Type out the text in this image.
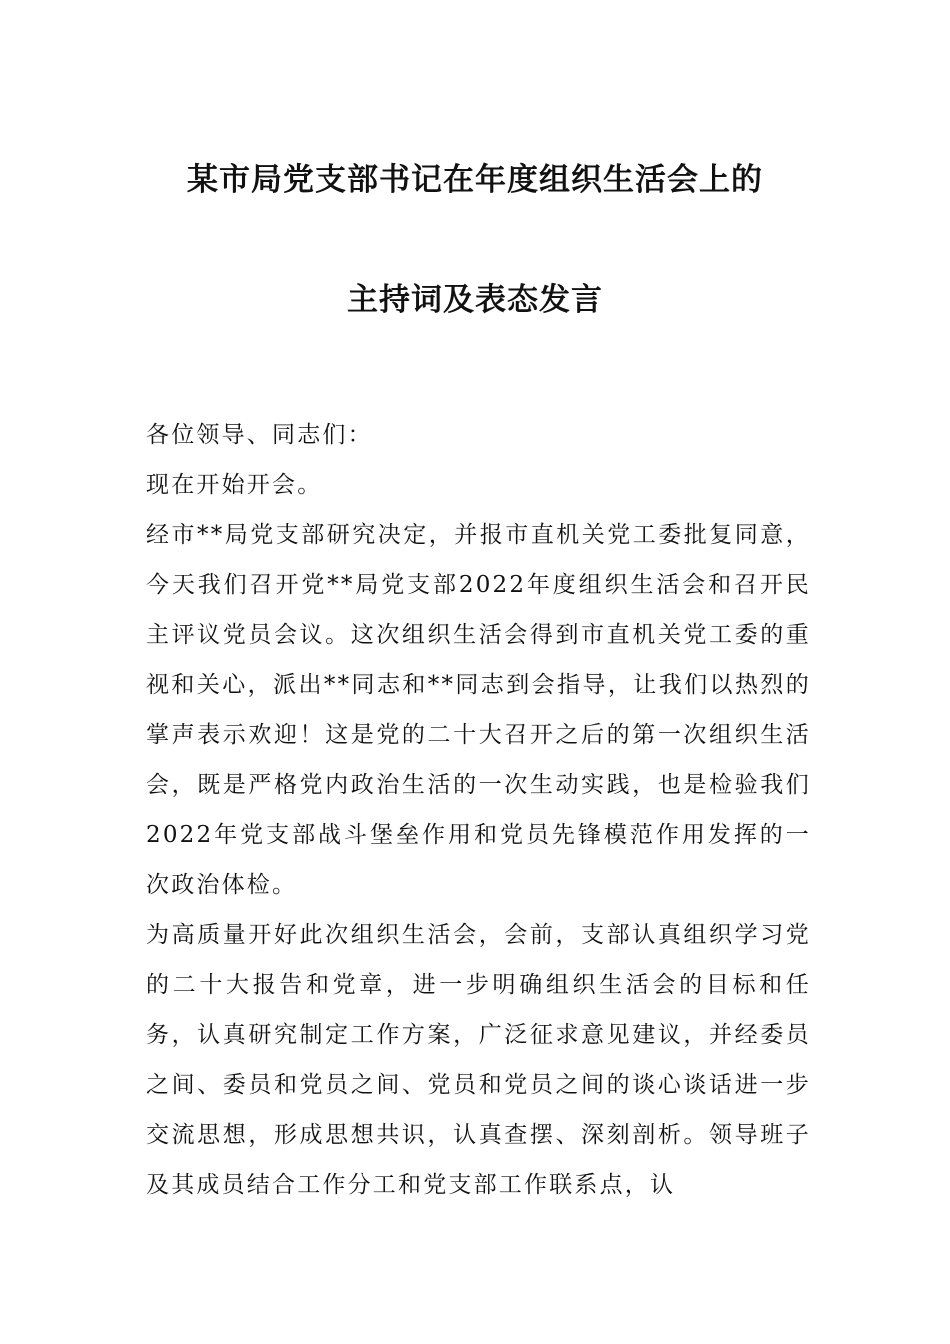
某市局党支部书记在年度组织生活会上的
主持词及表态发言

各位领导、同志们：

现在开始开会。

经市**局党支部研究决定，并报市直机关党工委批复同意，今天我们召开党**局党支部2022年度组织生活会和召开民主评议党员会议。这次组织生活会得到市直机关党工委的重视和关心，派出**同志和**同志到会指导，让我们以热烈的掌声表示欢迎！这是党的二十大召开之后的第一次组织生活会，既是严格党内政治生活的一次生动实践，也是检验我们2022年党支部战斗堡垒作用和党员先锋模范作用发挥的一次政治体检。

为高质量开好此次组织生活会，会前，支部认真组织学习党的二十大报告和党章，进一步明确组织生活会的目标和任务，认真研究制定工作方案，广泛征求意见建议，并经委员之间、委员和党员之间、党员和党员之间的谈心谈话进一步交流思想，形成思想共识，认真查摆、深刻剖析。领导班子及其成员结合工作分工和党支部工作联系点，认
